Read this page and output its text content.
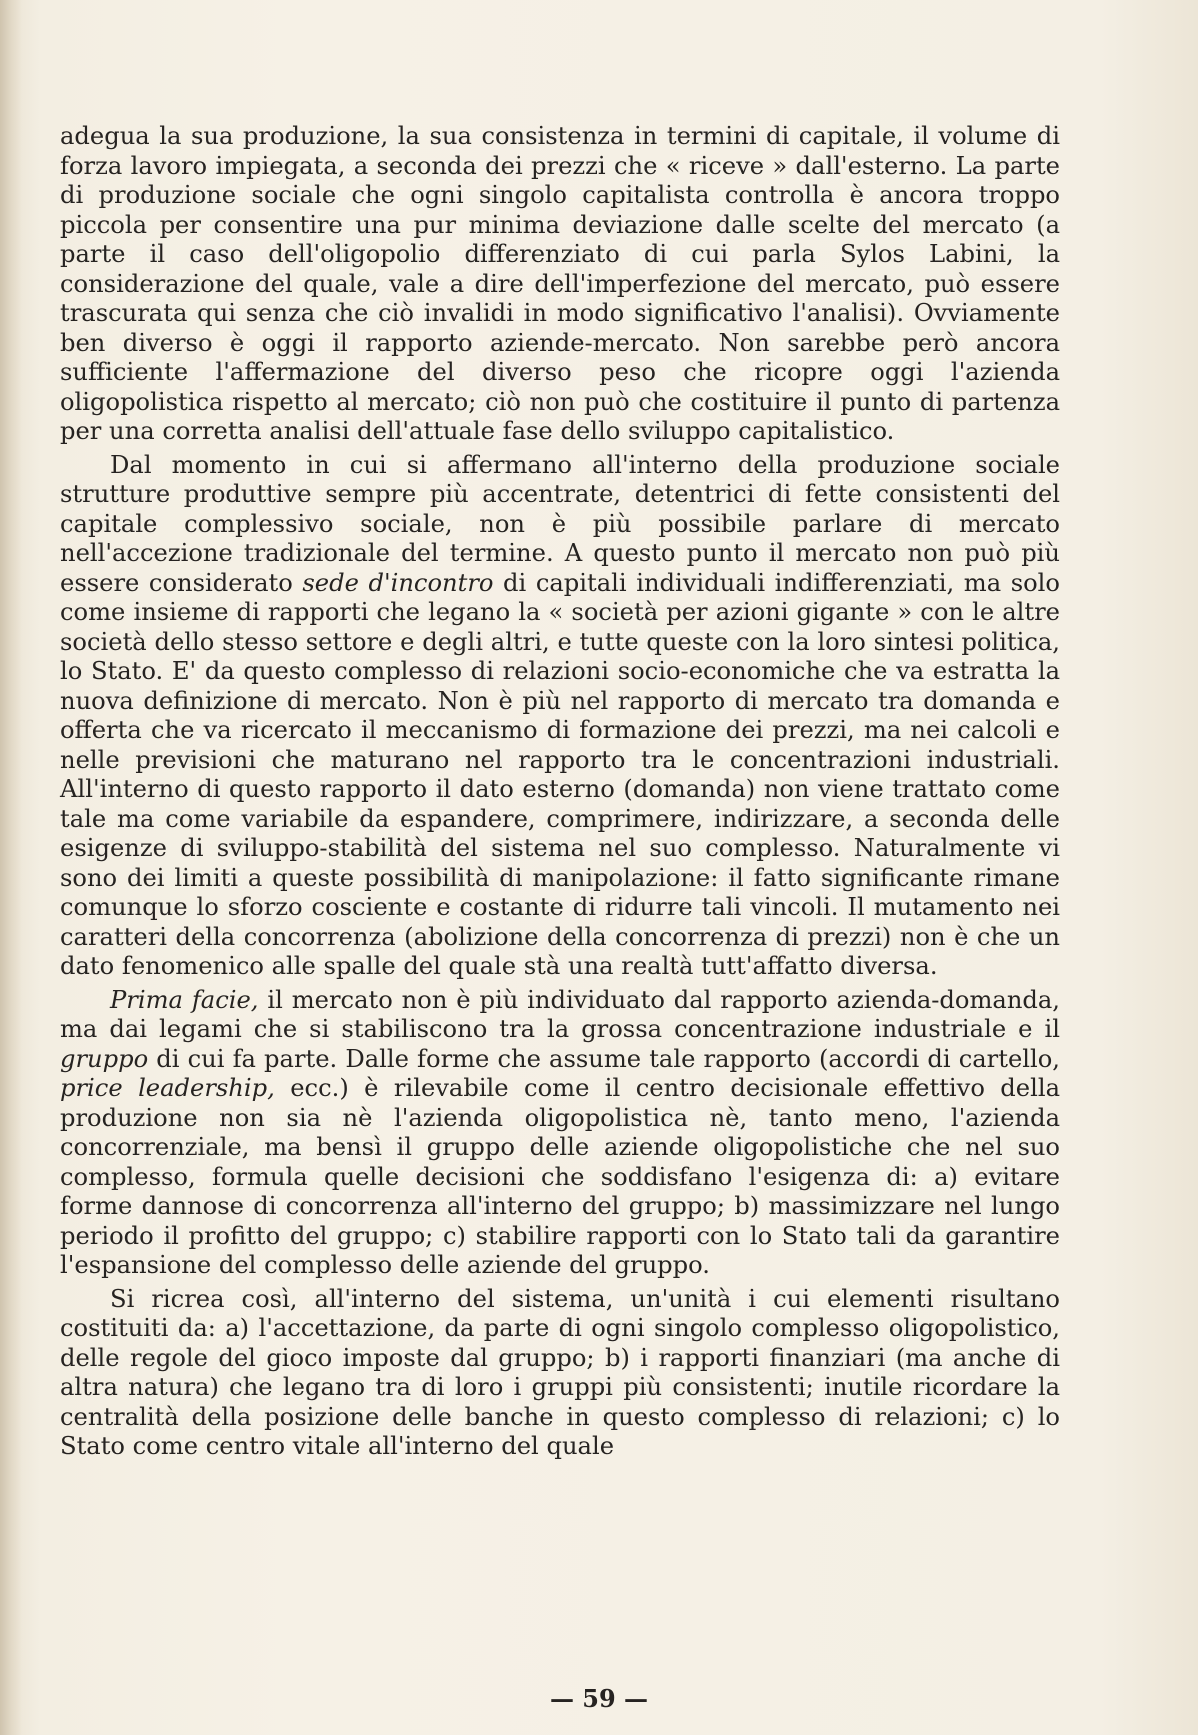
adegua la sua produzione, la sua consistenza in termini di capitale, il volume di forza lavoro impiegata, a seconda dei prezzi che « riceve » dall'esterno. La parte di produzione sociale che ogni singolo capitalista controlla è ancora troppo piccola per consentire una pur minima deviazione dalle scelte del mercato (a parte il caso dell'oligopolio differenziato di cui parla Sylos Labini, la considerazione del quale, vale a dire dell'imperfezione del mercato, può essere trascurata qui senza che ciò invalidi in modo significativo l'analisi). Ovviamente ben diverso è oggi il rapporto aziende-mercato. Non sarebbe però ancora sufficiente l'affermazione del diverso peso che ricopre oggi l'azienda oligopolistica rispetto al mercato; ciò non può che costituire il punto di partenza per una corretta analisi dell'attuale fase dello sviluppo capitalistico.

Dal momento in cui si affermano all'interno della produzione sociale strutture produttive sempre più accentrate, detentrici di fette consistenti del capitale complessivo sociale, non è più possibile parlare di mercato nell'accezione tradizionale del termine. A questo punto il mercato non può più essere considerato sede d'incontro di capitali individuali indifferenziati, ma solo come insieme di rapporti che legano la « società per azioni gigante » con le altre società dello stesso settore e degli altri, e tutte queste con la loro sintesi politica, lo Stato. E' da questo complesso di relazioni socio-economiche che va estratta la nuova definizione di mercato. Non è più nel rapporto di mercato tra domanda e offerta che va ricercato il meccanismo di formazione dei prezzi, ma nei calcoli e nelle previsioni che maturano nel rapporto tra le concentrazioni industriali. All'interno di questo rapporto il dato esterno (domanda) non viene trattato come tale ma come variabile da espandere, comprimere, indirizzare, a seconda delle esigenze di sviluppo-stabilità del sistema nel suo complesso. Naturalmente vi sono dei limiti a queste possibilità di manipolazione: il fatto significante rimane comunque lo sforzo cosciente e costante di ridurre tali vincoli. Il mutamento nei caratteri della concorrenza (abolizione della concorrenza di prezzi) non è che un dato fenomenico alle spalle del quale stà una realtà tutt'affatto diversa.

Prima facie, il mercato non è più individuato dal rapporto azienda-domanda, ma dai legami che si stabiliscono tra la grossa concentrazione industriale e il gruppo di cui fa parte. Dalle forme che assume tale rapporto (accordi di cartello, price leadership, ecc.) è rilevabile come il centro decisionale effettivo della produzione non sia nè l'azienda oligopolistica nè, tanto meno, l'azienda concorrenziale, ma bensì il gruppo delle aziende oligopolistiche che nel suo complesso, formula quelle decisioni che soddisfano l'esigenza di: a) evitare forme dannose di concorrenza all'interno del gruppo; b) massimizzare nel lungo periodo il profitto del gruppo; c) stabilire rapporti con lo Stato tali da garantire l'espansione del complesso delle aziende del gruppo.

Si ricrea così, all'interno del sistema, un'unità i cui elementi risultano costituiti da: a) l'accettazione, da parte di ogni singolo complesso oligopolistico, delle regole del gioco imposte dal gruppo; b) i rapporti finanziari (ma anche di altra natura) che legano tra di loro i gruppi più consistenti; inutile ricordare la centralità della posizione delle banche in questo complesso di relazioni; c) lo Stato come centro vitale all'interno del quale

— 59 —
